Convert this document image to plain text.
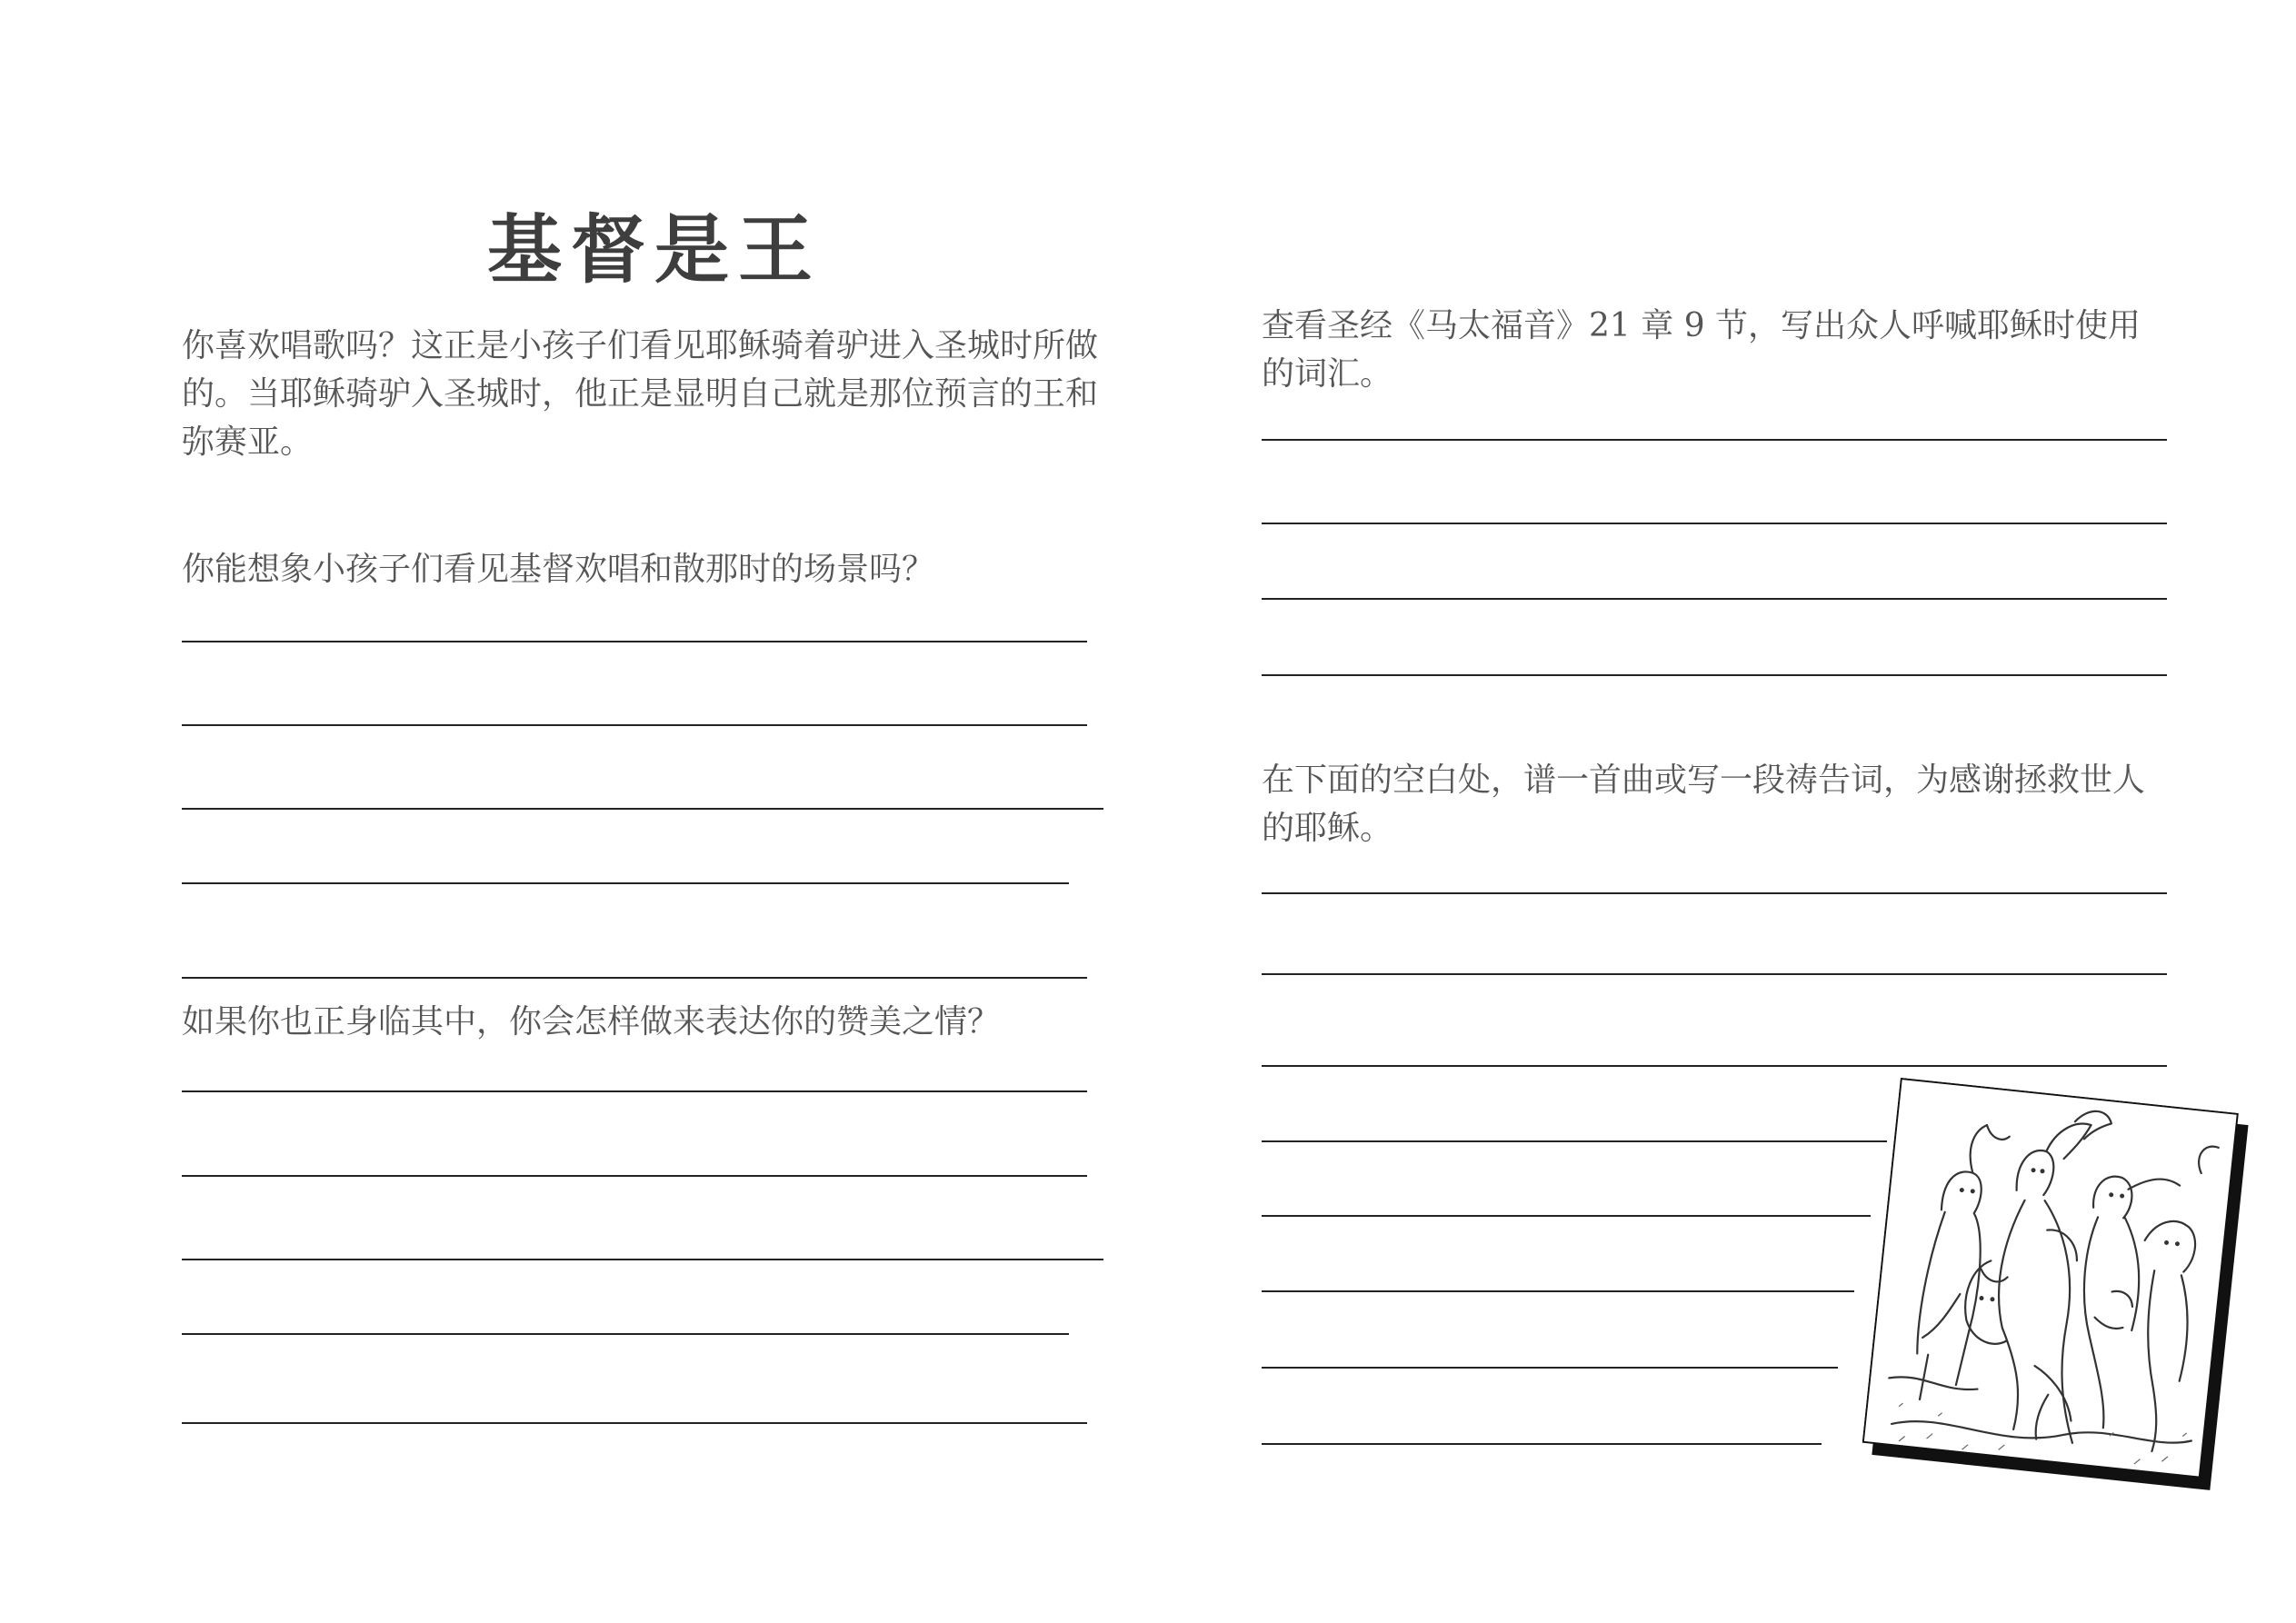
基督是王

你喜欢唱歌吗？这正是小孩子们看见耶稣骑着驴进入圣城时所做的。当耶稣骑驴入圣城时，他正是显明自己就是那位预言的王和弥赛亚。

你能想象小孩子们看见基督欢唱和散那时的场景吗？

如果你也正身临其中，你会怎样做来表达你的赞美之情？

查看圣经《马太福音》21 章 9 节，写出众人呼喊耶稣时使用的词汇。

在下面的空白处，谱一首曲或写一段祷告词，为感谢拯救世人的耶稣。
